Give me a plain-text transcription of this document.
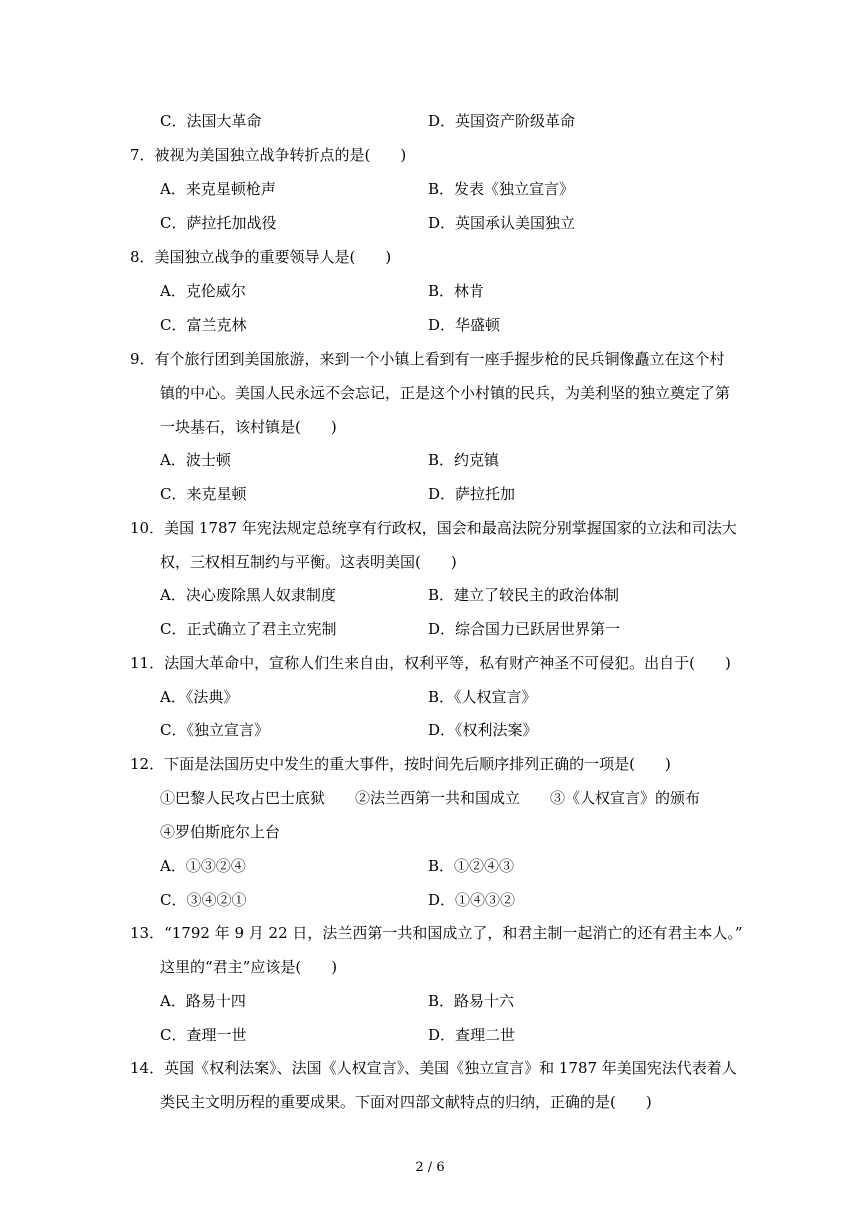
C．法国大革命	D．英国资产阶级革命
7．被视为美国独立战争转折点的是(　　)
A．来克星顿枪声	B．发表《独立宣言》
C．萨拉托加战役	D．英国承认美国独立
8．美国独立战争的重要领导人是(　　)
A．克伦威尔	B．林肯
C．富兰克林	D．华盛顿
9．有个旅行团到美国旅游，来到一个小镇上看到有一座手握步枪的民兵铜像矗立在这个村
镇的中心。美国人民永远不会忘记，正是这个小村镇的民兵，为美利坚的独立奠定了第
一块基石，该村镇是(　　)
A．波士顿	B．约克镇
C．来克星顿	D．萨拉托加
10．美国 1787 年宪法规定总统享有行政权，国会和最高法院分别掌握国家的立法和司法大
权，三权相互制约与平衡。这表明美国(　　)
A．决心废除黑人奴隶制度	B．建立了较民主的政治体制
C．正式确立了君主立宪制	D．综合国力已跃居世界第一
11．法国大革命中，宣称人们生来自由，权利平等，私有财产神圣不可侵犯。出自于(　　)
A．《法典》	B．《人权宣言》
C．《独立宣言》	D．《权利法案》
12．下面是法国历史中发生的重大事件，按时间先后顺序排列正确的一项是(　　)
①巴黎人民攻占巴士底狱　　②法兰西第一共和国成立　　③《人权宣言》的颁布
④罗伯斯庇尔上台
A．①③②④	B．①②④③
C．③④②①	D．①④③②
13．“1792 年 9 月 22 日，法兰西第一共和国成立了，和君主制一起消亡的还有君主本人。”
这里的“君主”应该是(　　)
A．路易十四	B．路易十六
C．查理一世	D．查理二世
14．英国《权利法案》、法国《人权宣言》、美国《独立宣言》和 1787 年美国宪法代表着人
类民主文明历程的重要成果。下面对四部文献特点的归纳，正确的是(　　)
2 / 6
